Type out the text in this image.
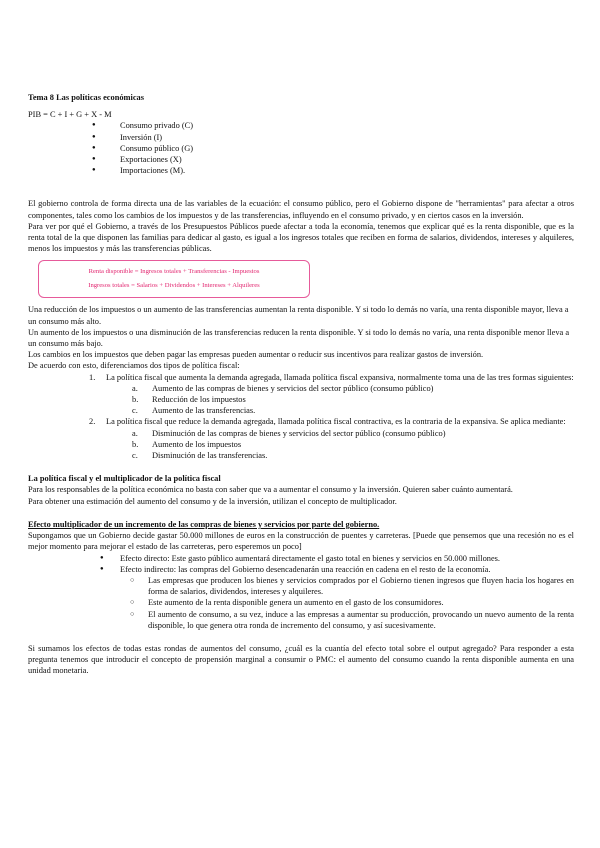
Tema 8 Las políticas económicas

PIB = C + I + G + X - M

● Consumo privado (C)
● Inversión (I)
● Consumo público (G)
● Exportaciones (X)
● Importaciones (M).

El gobierno controla de forma directa una de las variables de la ecuación: el consumo público, pero el Gobierno dispone de "herramientas" para afectar a otros componentes, tales como los cambios de los impuestos y de las transferencias, influyendo en el consumo privado, y en ciertos casos en la inversión.

Para ver por qué el Gobierno, a través de los Presupuestos Públicos puede afectar a toda la economía, tenemos que explicar qué es la renta disponible, que es la renta total de la que disponen las familias para dedicar al gasto, es igual a los ingresos totales que reciben en forma de salarios, dividendos, intereses y alquileres, menos los impuestos y más las transferencias públicas.

Renta disponible = Ingresos totales + Transferencias - Impuestos
Ingresos totales = Salarios + Dividendos + Intereses + Alquileres

Una reducción de los impuestos o un aumento de las transferencias aumentan la renta disponible. Y si todo lo demás no varía, una renta disponible mayor, lleva a un consumo más alto.

Un aumento de los impuestos o una disminución de las transferencias reducen la renta disponible. Y si todo lo demás no varía, una renta disponible menor lleva a un consumo más bajo.

Los cambios en los impuestos que deben pagar las empresas pueden aumentar o reducir sus incentivos para realizar gastos de inversión.

De acuerdo con esto, diferenciamos dos tipos de política fiscal:

1. La política fiscal que aumenta la demanda agregada, llamada política fiscal expansiva, normalmente toma una de las tres formas siguientes:
a. Aumento de las compras de bienes y servicios del sector público (consumo público)
b. Reducción de los impuestos
c. Aumento de las transferencias.
2. La política fiscal que reduce la demanda agregada, llamada política fiscal contractiva, es la contraria de la expansiva. Se aplica mediante:
a. Disminución de las compras de bienes y servicios del sector público (consumo público)
b. Aumento de los impuestos
c. Disminución de las transferencias.
La política fiscal y el multiplicador de la política fiscal

Para los responsables de la política económica no basta con saber que va a aumentar el consumo y la inversión. Quieren saber cuánto aumentará.

Para obtener una estimación del aumento del consumo y de la inversión, utilizan el concepto de multiplicador.

Efecto multiplicador de un incremento de las compras de bienes y servicios por parte del gobierno.

Supongamos que un Gobierno decide gastar 50.000 millones de euros en la construcción de puentes y carreteras. [Puede que pensemos que una recesión no es el mejor momento para mejorar el estado de las carreteras, pero esperemos un poco]

● Efecto directo: Este gasto público aumentará directamente el gasto total en bienes y servicios en 50.000 millones.
● Efecto indirecto: las compras del Gobierno desencadenarán una reacción en cadena en el resto de la economía.
○ Las empresas que producen los bienes y servicios comprados por el Gobierno tienen ingresos que fluyen hacia los hogares en forma de salarios, dividendos, intereses y alquileres.
○ Este aumento de la renta disponible genera un aumento en el gasto de los consumidores.
○ El aumento de consumo, a su vez, induce a las empresas a aumentar su producción, provocando un nuevo aumento de la renta disponible, lo que genera otra ronda de incremento del consumo, y así sucesivamente.

Si sumamos los efectos de todas estas rondas de aumentos del consumo, ¿cuál es la cuantía del efecto total sobre el output agregado? Para responder a esta pregunta tenemos que introducir el concepto de propensión marginal a consumir o PMC: el aumento del consumo cuando la renta disponible aumenta en una unidad monetaria.
